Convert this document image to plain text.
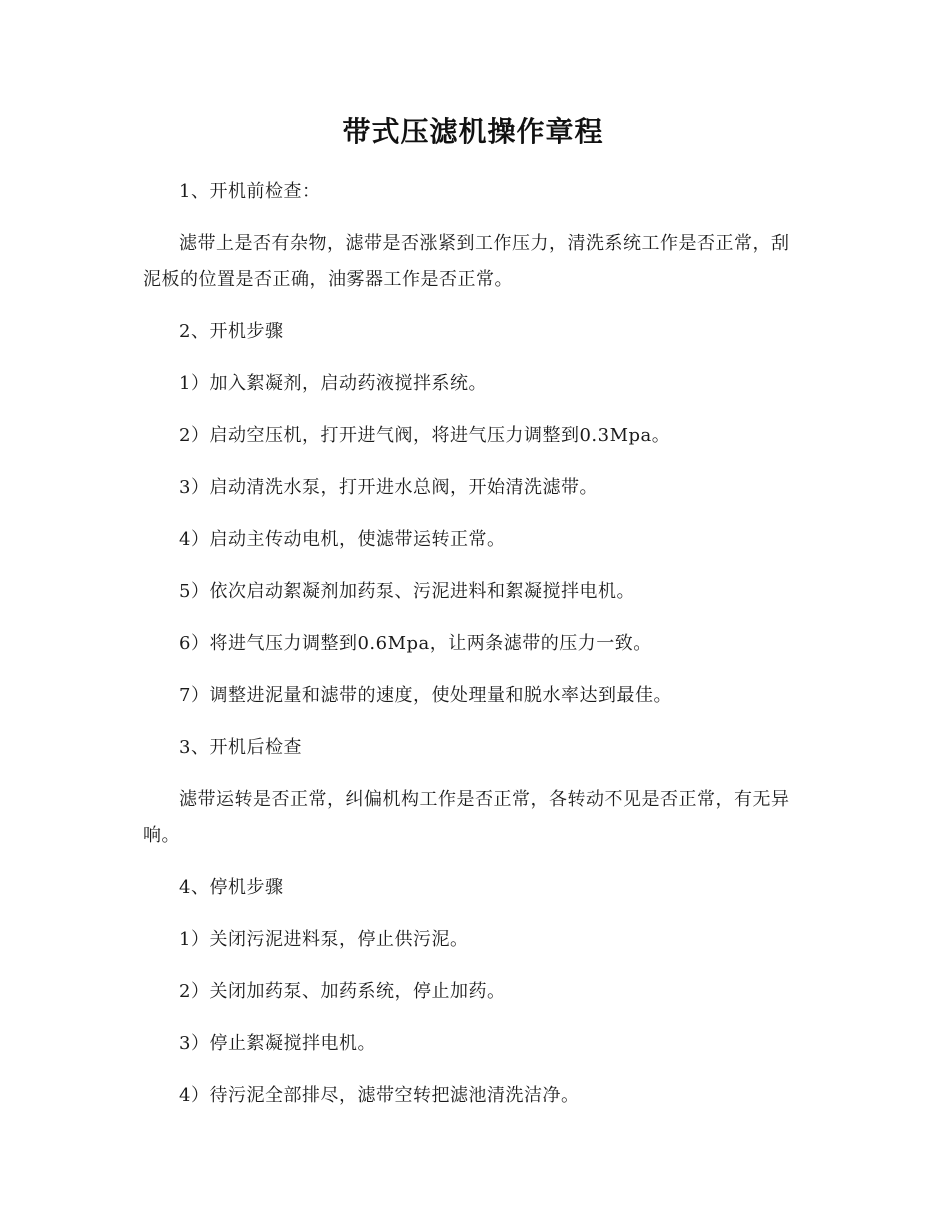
带式压滤机操作章程

1、开机前检查：

滤带上是否有杂物，滤带是否涨紧到工作压力，清洗系统工作是否正常，刮泥板的位置是否正确，油雾器工作是否正常。

2、开机步骤

1）加入絮凝剂，启动药液搅拌系统。

2）启动空压机，打开进气阀，将进气压力调整到0.3Mpa。

3）启动清洗水泵，打开进水总阀，开始清洗滤带。

4）启动主传动电机，使滤带运转正常。

5）依次启动絮凝剂加药泵、污泥进料和絮凝搅拌电机。

6）将进气压力调整到0.6Mpa，让两条滤带的压力一致。

7）调整进泥量和滤带的速度，使处理量和脱水率达到最佳。

3、开机后检查

滤带运转是否正常，纠偏机构工作是否正常，各转动不见是否正常，有无异响。

4、停机步骤

1）关闭污泥进料泵，停止供污泥。

2）关闭加药泵、加药系统，停止加药。

3）停止絮凝搅拌电机。

4）待污泥全部排尽，滤带空转把滤池清洗洁净。
